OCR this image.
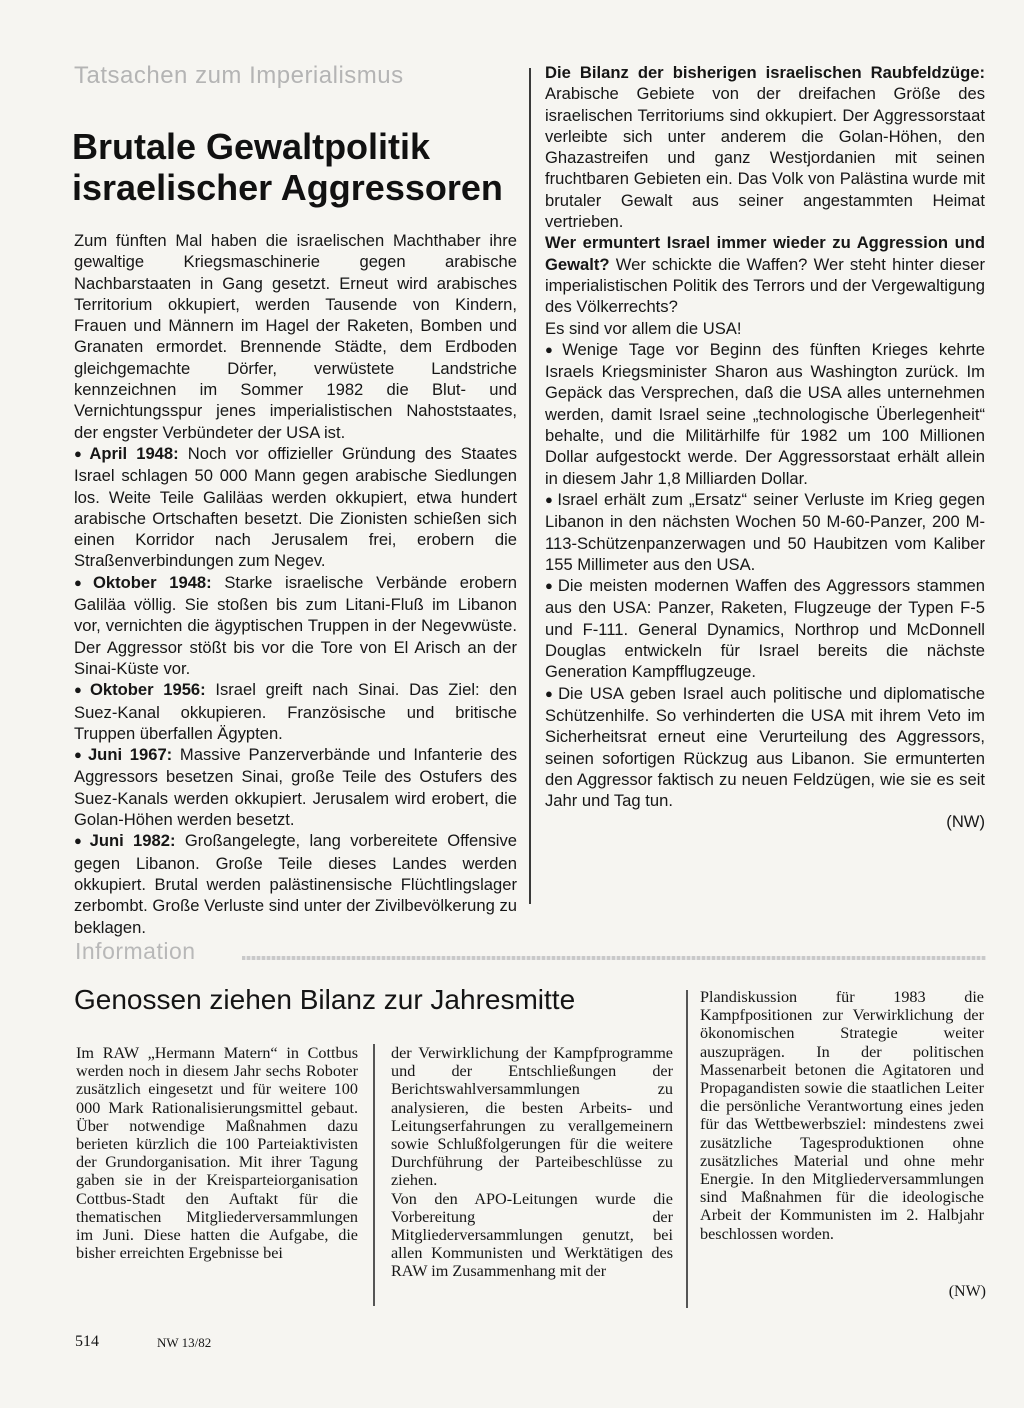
Tatsachen zum Imperialismus
Brutale Gewaltpolitik
israelischer Aggressoren

Zum fünften Mal haben die israelischen Machthaber ihre gewaltige Kriegsmaschinerie gegen arabische Nachbarstaaten in Gang gesetzt. Erneut wird arabisches Territorium okkupiert, werden Tausende von Kindern, Frauen und Männern im Hagel der Raketen, Bomben und Granaten ermordet. Brennende Städte, dem Erdboden gleichgemachte Dörfer, verwüstete Landstriche kennzeichnen im Sommer 1982 die Blut- und Vernichtungsspur jenes imperialistischen Nahoststaates, der engster Verbündeter der USA ist.

● April 1948: Noch vor offizieller Gründung des Staates Israel schlagen 50 000 Mann gegen arabische Siedlungen los. Weite Teile Galiläas werden okkupiert, etwa hundert arabische Ortschaften besetzt. Die Zionisten schießen sich einen Korridor nach Jerusalem frei, erobern die Straßenverbindungen zum Negev.

● Oktober 1948: Starke israelische Verbände erobern Galiläa völlig. Sie stoßen bis zum Litani-Fluß im Libanon vor, vernichten die ägyptischen Truppen in der Negevwüste. Der Aggressor stößt bis vor die Tore von El Arisch an der Sinai-Küste vor.

● Oktober 1956: Israel greift nach Sinai. Das Ziel: den Suez-Kanal okkupieren. Französische und britische Truppen überfallen Ägypten.

● Juni 1967: Massive Panzerverbände und Infanterie des Aggressors besetzen Sinai, große Teile des Ostufers des Suez-Kanals werden okkupiert. Jerusalem wird erobert, die Golan-Höhen werden besetzt.

● Juni 1982: Großangelegte, lang vorbereitete Offensive gegen Libanon. Große Teile dieses Landes werden okkupiert. Brutal werden palästinensische Flüchtlingslager zerbombt. Große Verluste sind unter der Zivilbevölkerung zu beklagen.

Die Bilanz der bisherigen israelischen Raubfeldzüge: Arabische Gebiete von der dreifachen Größe des israelischen Territoriums sind okkupiert. Der Aggressorstaat verleibte sich unter anderem die Golan-Höhen, den Ghazastreifen und ganz Westjordanien mit seinen fruchtbaren Gebieten ein. Das Volk von Palästina wurde mit brutaler Gewalt aus seiner angestammten Heimat vertrieben.

Wer ermuntert Israel immer wieder zu Aggression und Gewalt? Wer schickte die Waffen? Wer steht hinter dieser imperialistischen Politik des Terrors und der Vergewaltigung des Völkerrechts?

Es sind vor allem die USA!

● Wenige Tage vor Beginn des fünften Krieges kehrte Israels Kriegsminister Sharon aus Washington zurück. Im Gepäck das Versprechen, daß die USA alles unternehmen werden, damit Israel seine „technologische Überlegenheit“ behalte, und die Militärhilfe für 1982 um 100 Millionen Dollar aufgestockt werde. Der Aggressorstaat erhält allein in diesem Jahr 1,8 Milliarden Dollar.

● Israel erhält zum „Ersatz“ seiner Verluste im Krieg gegen Libanon in den nächsten Wochen 50 M-60-Panzer, 200 M-113-Schützenpanzerwagen und 50 Haubitzen vom Kaliber 155 Millimeter aus den USA.

● Die meisten modernen Waffen des Aggressors stammen aus den USA: Panzer, Raketen, Flugzeuge der Typen F-5 und F-111. General Dynamics, Northrop und McDonnell Douglas entwickeln für Israel bereits die nächste Generation Kampfflugzeuge.

● Die USA geben Israel auch politische und diplomatische Schützenhilfe. So verhinderten die USA mit ihrem Veto im Sicherheitsrat erneut eine Verurteilung des Aggressors, seinen sofortigen Rückzug aus Libanon. Sie ermunterten den Aggressor faktisch zu neuen Feldzügen, wie sie es seit Jahr und Tag tun.

(NW)
Information
Genossen ziehen Bilanz zur Jahresmitte

Im RAW „Hermann Matern“ in Cottbus werden noch in diesem Jahr sechs Roboter zusätzlich eingesetzt und für weitere 100 000 Mark Rationalisierungsmittel gebaut. Über notwendige Maßnahmen dazu berieten kürzlich die 100 Parteiaktivisten der Grundorganisation. Mit ihrer Tagung gaben sie in der Kreisparteiorganisation Cottbus-Stadt den Auftakt für die thematischen Mitgliederversammlungen im Juni. Diese hatten die Aufgabe, die bisher erreichten Ergebnisse bei

der Verwirklichung der Kampfprogramme und der Entschließungen der Berichtswahlversammlungen zu analysieren, die besten Arbeits- und Leitungserfahrungen zu verallgemeinern sowie Schlußfolgerungen für die weitere Durchführung der Parteibeschlüsse zu ziehen.

Von den APO-Leitungen wurde die Vorbereitung der Mitgliederversammlungen genutzt, bei allen Kommunisten und Werktätigen des RAW im Zusammenhang mit der

Plandiskussion für 1983 die Kampfpositionen zur Verwirklichung der ökonomischen Strategie weiter auszuprägen. In der politischen Massenarbeit betonen die Agitatoren und Propagandisten sowie die staatlichen Leiter die persönliche Verantwortung eines jeden für das Wettbewerbsziel: mindestens zwei zusätzliche Tagesproduktionen ohne zusätzliches Material und ohne mehr Energie. In den Mitgliederversammlungen sind Maßnahmen für die ideologische Arbeit der Kommunisten im 2. Halbjahr beschlossen worden.

(NW)
514	NW 13/82
